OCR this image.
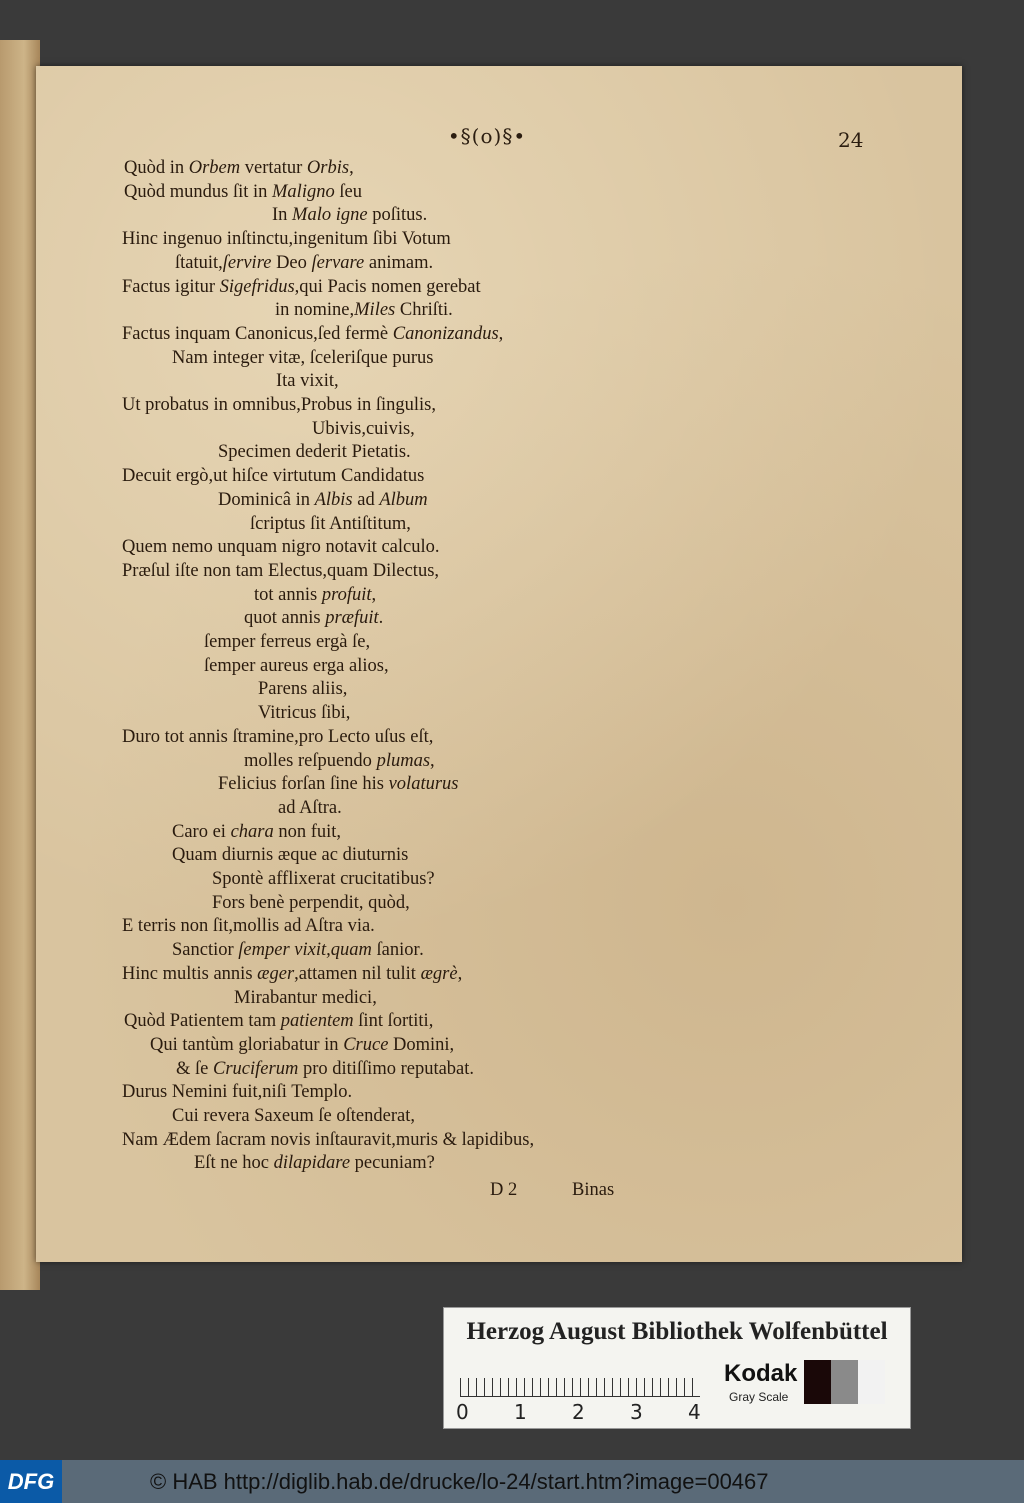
•§(o)§•	24
Quòd in Orbem vertatur Orbis,
Quòd mundus ſit in Maligno ſeu
In Malo igne poſitus.
Hinc ingenuo inſtinctu,ingenitum ſibi Votum
ſtatuit,ſervire Deo ſervare animam.
Factus igitur Sigefridus,qui Pacis nomen gerebat
in nomine,Miles Chriſti.
Factus inquam Canonicus,ſed fermè Canonizandus,
Nam integer vitæ, ſceleriſque purus
Ita vixit,
Ut probatus in omnibus,Probus in ſingulis,
Ubivis,cuivis,
Specimen dederit Pietatis.
Decuit ergò,ut hiſce virtutum Candidatus
Dominicâ in Albis ad Album
ſcriptus ſit Antiſtitum,
Quem nemo unquam nigro notavit calculo.
Præſul iſte non tam Electus,quam Dilectus,
tot annis profuit,
quot annis præfuit.
ſemper ferreus ergà ſe,
ſemper aureus erga alios,
Parens aliis,
Vitricus ſibi,
Duro tot annis ſtramine,pro Lecto uſus eſt,
molles reſpuendo plumas,
Felicius forſan ſine his volaturus
ad Aſtra.
Caro ei chara non fuit,
Quam diurnis æque ac diuturnis
Spontè afflixerat crucitatibus?
Fors benè perpendit, quòd,
E terris non ſit,mollis ad Aſtra via.
Sanctior ſemper vixit,quam ſanior.
Hinc multis annis æger,attamen nil tulit ægrè,
Mirabantur medici,
Quòd Patientem tam patientem ſint ſortiti,
Qui tantùm gloriabatur in Cruce Domini,
& ſe Cruciferum pro ditiſſimo reputabat.
Durus Nemini fuit,niſi Templo.
Cui revera Saxeum ſe oſtenderat,
Nam Ædem ſacram novis inſtauravit,muris & lapidibus,
Eſt ne hoc dilapidare pecuniam?
D 2	Binas
Herzog August Bibliothek Wolfenbüttel
0 1 2 3 4
Kodak
Gray Scale
DFG	© HAB http://diglib.hab.de/drucke/lo-24/start.htm?image=00467
